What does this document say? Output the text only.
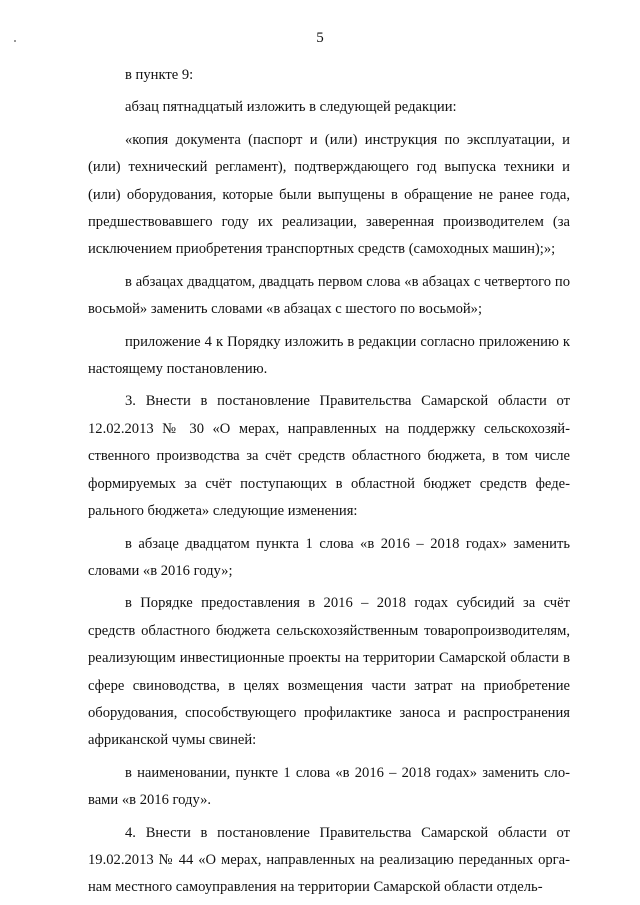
5

в пункте 9:

абзац пятнадцатый изложить в следующей редакции:

«копия документа (паспорт и (или) инструкция по эксплуатации, и (или) технический регламент), подтверждающего год выпуска техники и (или) оборудования, которые были выпущены в обращение не ранее года, предшествовавшего году их реализации, заверенная производителем (за исключением приобретения транспортных средств (самоходных машин);»;

в абзацах двадцатом, двадцать первом слова «в абзацах с четвертого по восьмой» заменить словами «в абзацах с шестого по восьмой»;

приложение 4 к Порядку изложить в редакции согласно приложению к настоящему постановлению.

3. Внести в постановление Правительства Самарской области от 12.02.2013 № 30 «О мерах, направленных на поддержку сельскохозяйственного производства за счёт средств областного бюджета, в том числе формируемых за счёт поступающих в областной бюджет средств федерального бюджета» следующие изменения:

в абзаце двадцатом пункта 1 слова «в 2016 – 2018 годах» заменить словами «в 2016 году»;

в Порядке предоставления в 2016 – 2018 годах субсидий за счёт средств областного бюджета сельскохозяйственным товаропроизводителям, реализующим инвестиционные проекты на территории Самарской области в сфере свиноводства, в целях возмещения части затрат на приобретение оборудования, способствующего профилактике заноса и распространения африканской чумы свиней:

в наименовании, пункте 1 слова «в 2016 – 2018 годах» заменить словами «в 2016 году».

4. Внести в постановление Правительства Самарской области от 19.02.2013 № 44 «О мерах, направленных на реализацию переданных органам местного самоуправления на территории Самарской области отдель-
